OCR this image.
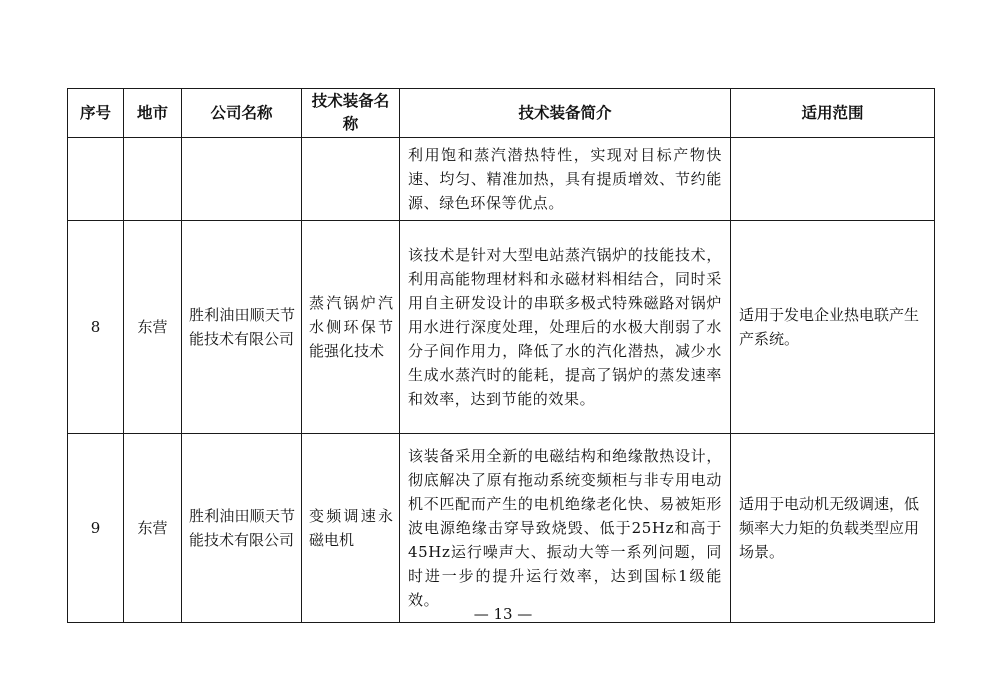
序号	地市	公司名称	技术装备名称	技术装备简介	适用范围
				利用饱和蒸汽潜热特性，实现对目标产物快速、均匀、精准加热，具有提质增效、节约能源、绿色环保等优点。	
8	东营	胜利油田顺天节能技术有限公司	蒸汽锅炉汽水侧环保节能强化技术	该技术是针对大型电站蒸汽锅炉的技能技术，利用高能物理材料和永磁材料相结合，同时采用自主研发设计的串联多极式特殊磁路对锅炉用水进行深度处理，处理后的水极大削弱了水分子间作用力，降低了水的汽化潜热，减少水生成水蒸汽时的能耗，提高了锅炉的蒸发速率和效率，达到节能的效果。	适用于发电企业热电联产生产系统。
9	东营	胜利油田顺天节能技术有限公司	变频调速永磁电机	该装备采用全新的电磁结构和绝缘散热设计，彻底解决了原有拖动系统变频柜与非专用电动机不匹配而产生的电机绝缘老化快、易被矩形波电源绝缘击穿导致烧毁、低于25Hz和高于45Hz运行噪声大、振动大等一系列问题，同时进一步的提升运行效率，达到国标1级能效。	适用于电动机无级调速，低频率大力矩的负载类型应用场景。
— 13 —
